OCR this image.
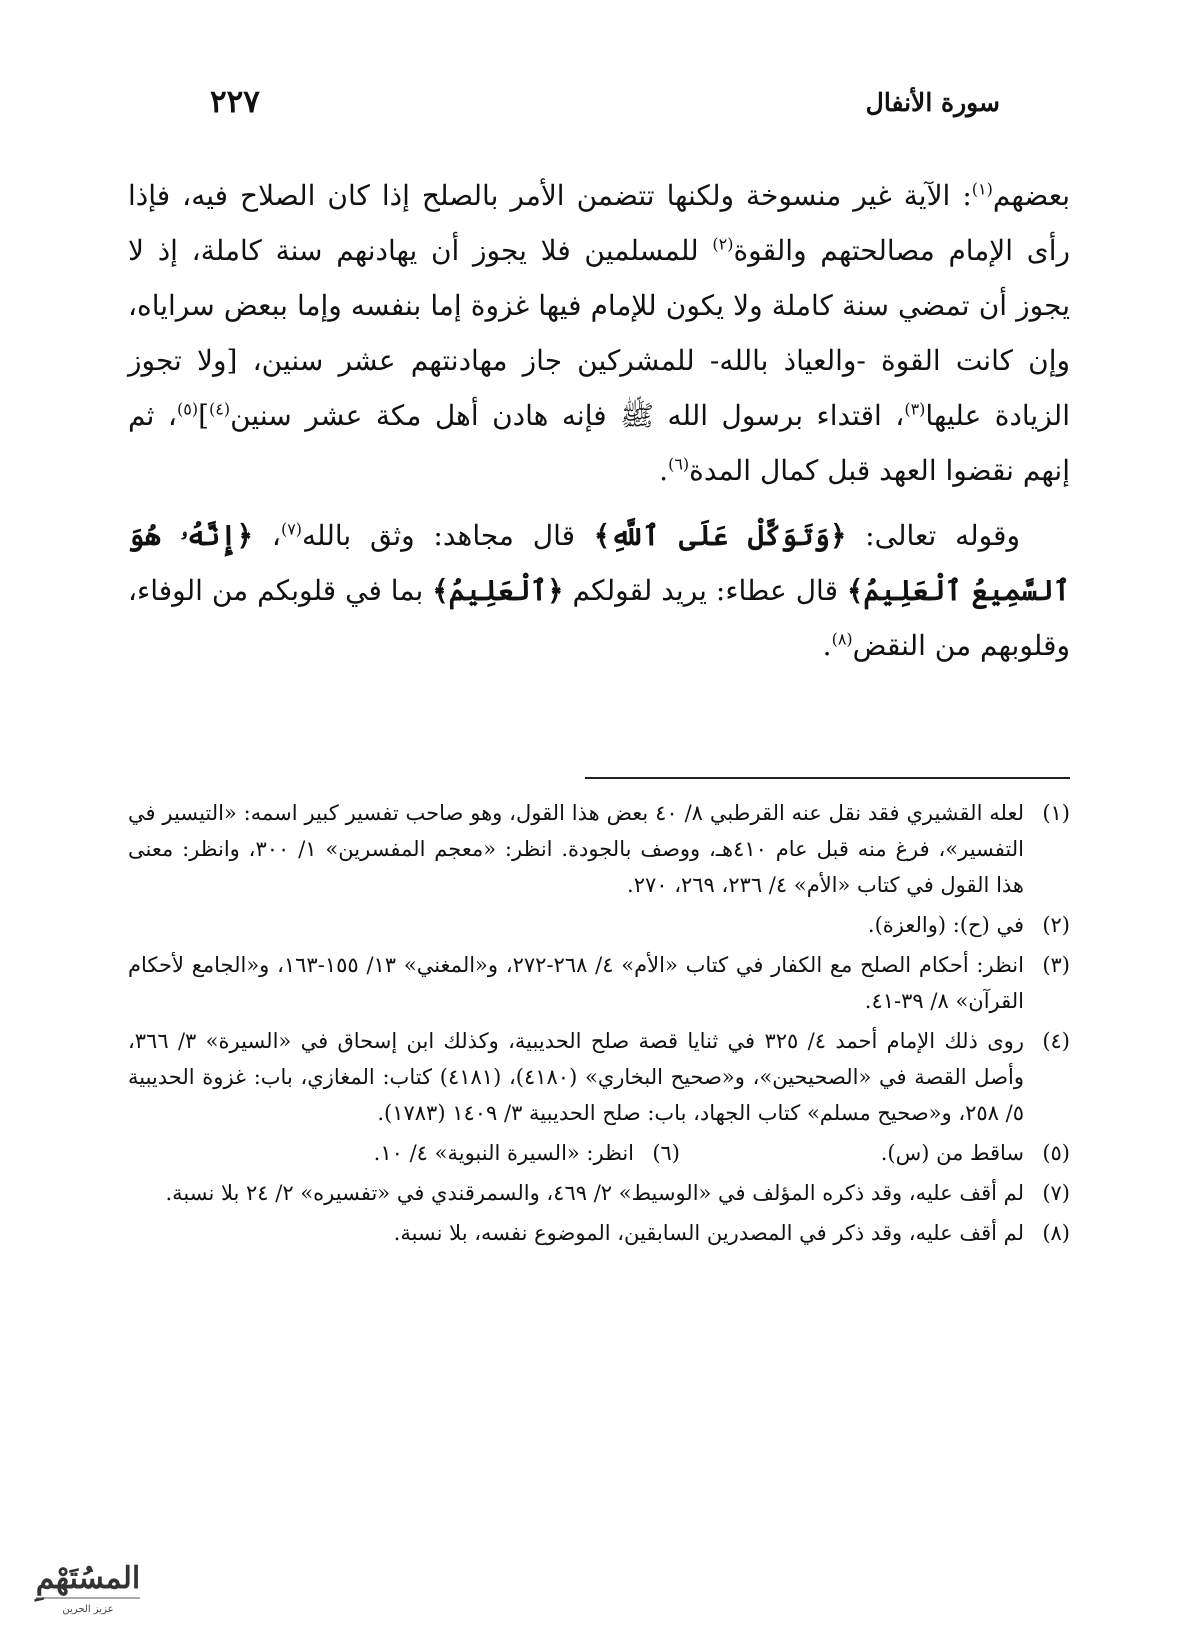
سورة الأنفال
٢٢٧

بعضهم$^{(١)}$: الآية غير منسوخة ولكنها تتضمن الأمر بالصلح إذا كان الصلاح فيه، فإذا رأى الإمام مصالحتهم والقوة$^{(٢)}$ للمسلمين فلا يجوز أن يهادنهم سنة كاملة، إذ لا يجوز أن تمضي سنة كاملة ولا يكون للإمام فيها غزوة إما بنفسه وإما ببعض سراياه، وإن كانت القوة -والعياذ بالله- للمشركين جاز مهادنتهم عشر سنين، [ولا تجوز الزيادة عليها$^{(٣)}$، اقتداء برسول الله ﷺ فإنه هادن أهل مكة عشر سنين$^{(٤)}$]$^{(٥)}$، ثم إنهم نقضوا العهد قبل كمال المدة$^{(٦)}$.

وقوله تعالى: ﴿وَتَوَكَّلْ عَلَى ٱللَّهِ﴾ قال مجاهد: وثق بالله$^{(٧)}$، ﴿إِنَّهُۥ هُوَ ٱلسَّمِيعُ ٱلْعَلِيمُ﴾ قال عطاء: يريد لقولكم ﴿ٱلْعَلِيمُ﴾ بما في قلوبكم من الوفاء، وقلوبهم من النقض$^{(٨)}$.

(١)
لعله القشيري فقد نقل عنه القرطبي ٨/ ٤٠ بعض هذا القول، وهو صاحب تفسير كبير اسمه: «التيسير في التفسير»، فرغ منه قبل عام ٤١٠هـ، ووصف بالجودة. انظر: «معجم المفسرين» ١/ ٣٠٠، وانظر: معنى هذا القول في كتاب «الأم» ٤/ ٢٣٦، ٢٦٩، ٢٧٠.
(٢)
في (ح): (والعزة).
(٣)
انظر: أحكام الصلح مع الكفار في كتاب «الأم» ٤/ ٢٦٨-٢٧٢، و«المغني» ١٣/ ١٥٥-١٦٣، و«الجامع لأحكام القرآن» ٨/ ٣٩-٤١.
(٤)
روى ذلك الإمام أحمد ٤/ ٣٢٥ في ثنايا قصة صلح الحديبية، وكذلك ابن إسحاق في «السيرة» ٣/ ٣٦٦، وأصل القصة في «الصحيحين»، و«صحيح البخاري» (٤١٨٠)، (٤١٨١) كتاب: المغازي، باب: غزوة الحديبية ٥/ ٢٥٨، و«صحيح مسلم» كتاب الجهاد، باب: صلح الحديبية ٣/ ١٤٠٩ (١٧٨٣).
(٥)
ساقط من (س).
(٦)
انظر: «السيرة النبوية» ٤/ ١٠.
(٧)
لم أقف عليه، وقد ذكره المؤلف في «الوسيط» ٢/ ٤٦٩، والسمرقندي في «تفسيره» ٢/ ٢٤ بلا نسبة.
(٨)
لم أقف عليه، وقد ذكر في المصدرين السابقين، الموضوع نفسه، بلا نسبة.
المسُتَهْمِ
عزيز الحرين
